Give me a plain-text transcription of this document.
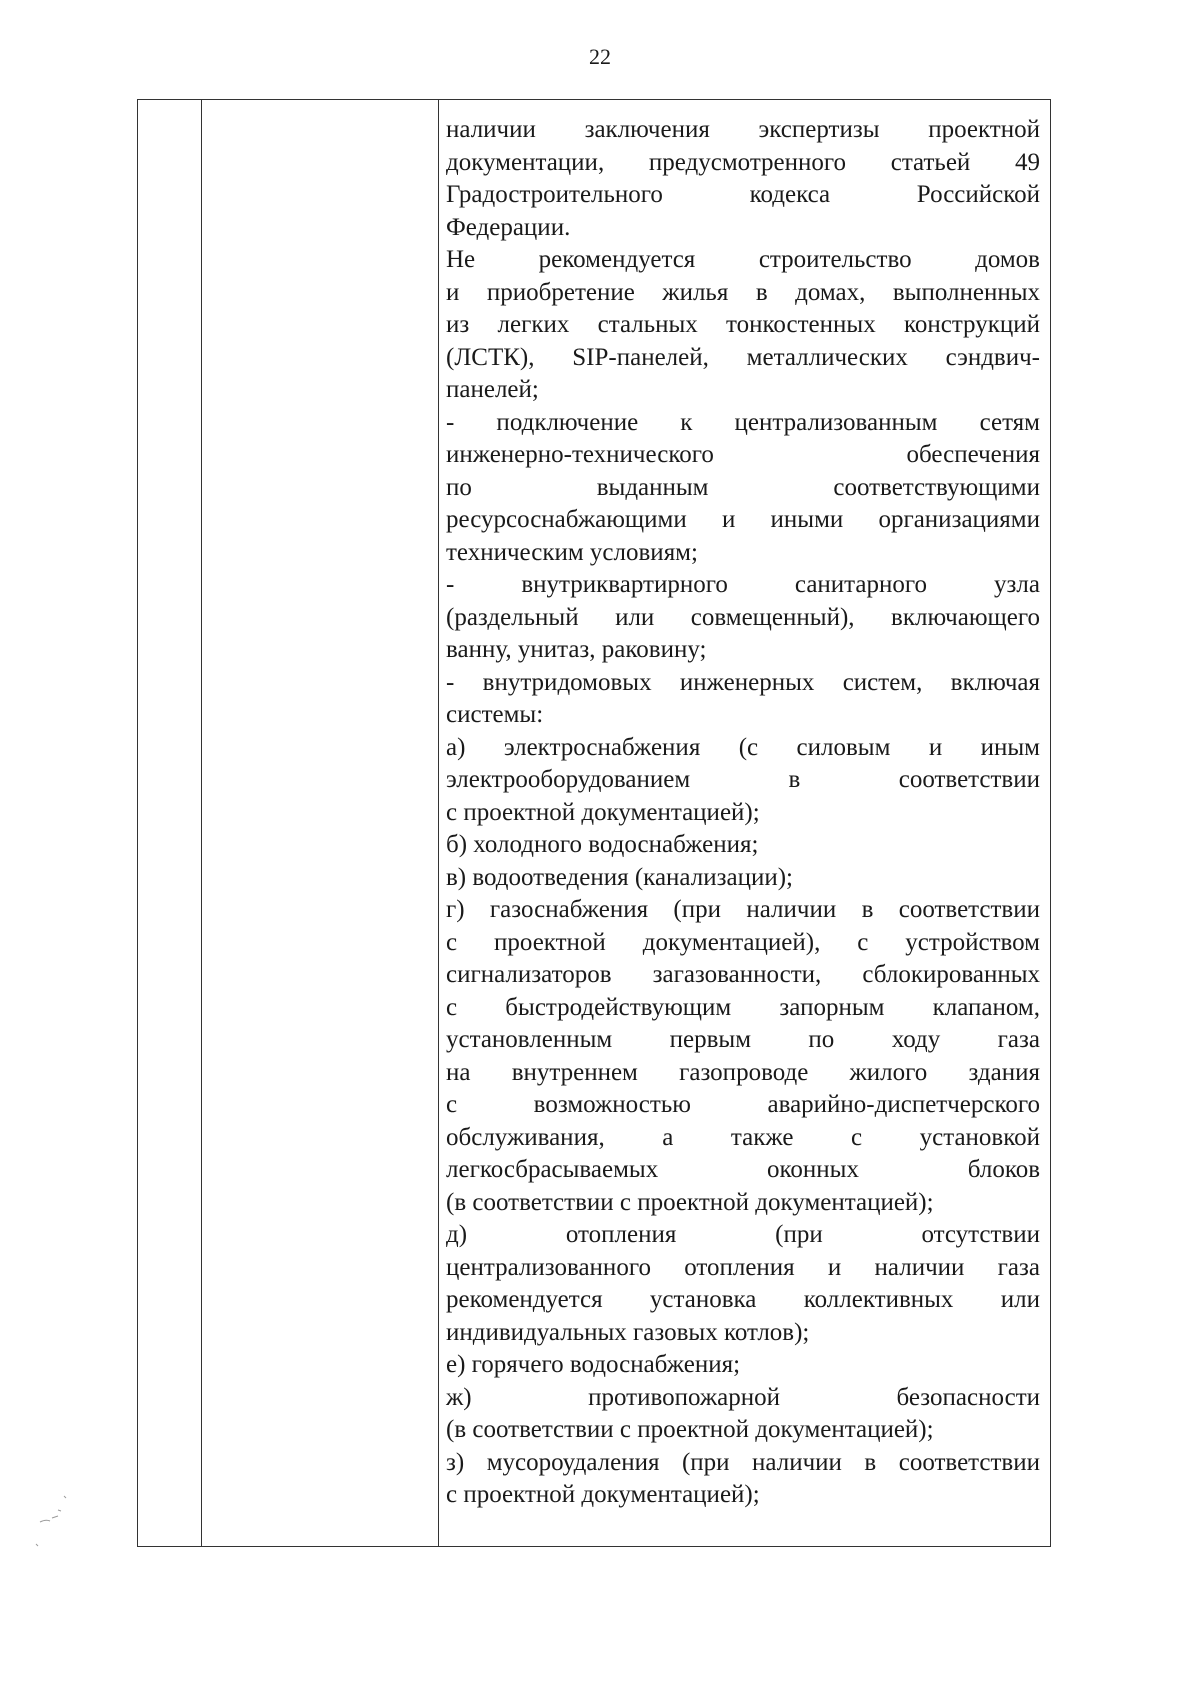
22
наличии заключения экспертизы проектной
документации, предусмотренного статьей 49
Градостроительного кодекса Российской
Федерации.
Не рекомендуется строительство домов
и приобретение жилья в домах, выполненных
из легких стальных тонкостенных конструкций
(ЛСТК), SIP-панелей, металлических сэндвич-
панелей;
- подключение к централизованным сетям
инженерно-технического обеспечения
по выданным соответствующими
ресурсоснабжающими и иными организациями
техническим условиям;
- внутриквартирного санитарного узла
(раздельный или совмещенный), включающего
ванну, унитаз, раковину;
- внутридомовых инженерных систем, включая
системы:
а) электроснабжения (с силовым и иным
электрооборудованием в соответствии
с проектной документацией);
б) холодного водоснабжения;
в) водоотведения (канализации);
г) газоснабжения (при наличии в соответствии
с проектной документацией), с устройством
сигнализаторов загазованности, сблокированных
с быстродействующим запорным клапаном,
установленным первым по ходу газа
на внутреннем газопроводе жилого здания
с возможностью аварийно-диспетчерского
обслуживания, а также с установкой
легкосбрасываемых оконных блоков
(в соответствии с проектной документацией);
д) отопления (при отсутствии
централизованного отопления и наличии газа
рекомендуется установка коллективных или
индивидуальных газовых котлов);
е) горячего водоснабжения;
ж) противопожарной безопасности
(в соответствии с проектной документацией);
з) мусороудаления (при наличии в соответствии
с проектной документацией);
